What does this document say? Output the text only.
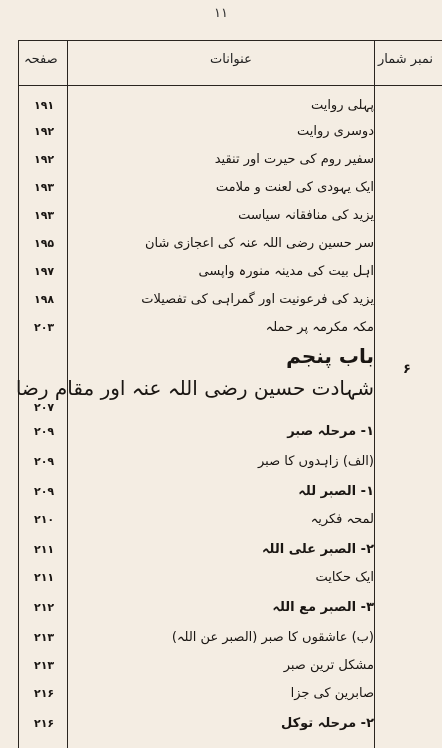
۱۱
صفحہ	عنوانات	نمبر شمار
پہلی روایت
۱۹۱
دوسری روایت
۱۹۲
سفیر روم کی حیرت اور تنقید
۱۹۲
ایک یہودی کی لعنت و ملامت
۱۹۳
یزید کی منافقانہ سیاست
۱۹۳
سر حسین رضی اللہ عنہ کی اعجازی شان
۱۹۵
اہل بیت کی مدینہ منورہ واپسی
۱۹۷
یزید کی فرعونیت اور گمراہی کی تفصیلات
۱۹۸
مکہ مکرمہ پر حملہ
۲۰۳
باب پنجم
۶
شہادت حسین رضی اللہ عنہ اور مقام رضا
۲۰۷
۱- مرحلہ صبر
۲۰۹
(الف) زاہدوں کا صبر
۲۰۹
۱- الصبر للہ
۲۰۹
لمحہ فکریہ
۲۱۰
۲- الصبر علی اللہ
۲۱۱
ایک حکایت
۲۱۱
۳- الصبر مع اللہ
۲۱۲
(ب) عاشقوں کا صبر (الصبر عن اللہ)
۲۱۳
مشکل ترین صبر
۲۱۳
صابرین کی جزا
۲۱۶
۲- مرحلہ توکل
۲۱۶
